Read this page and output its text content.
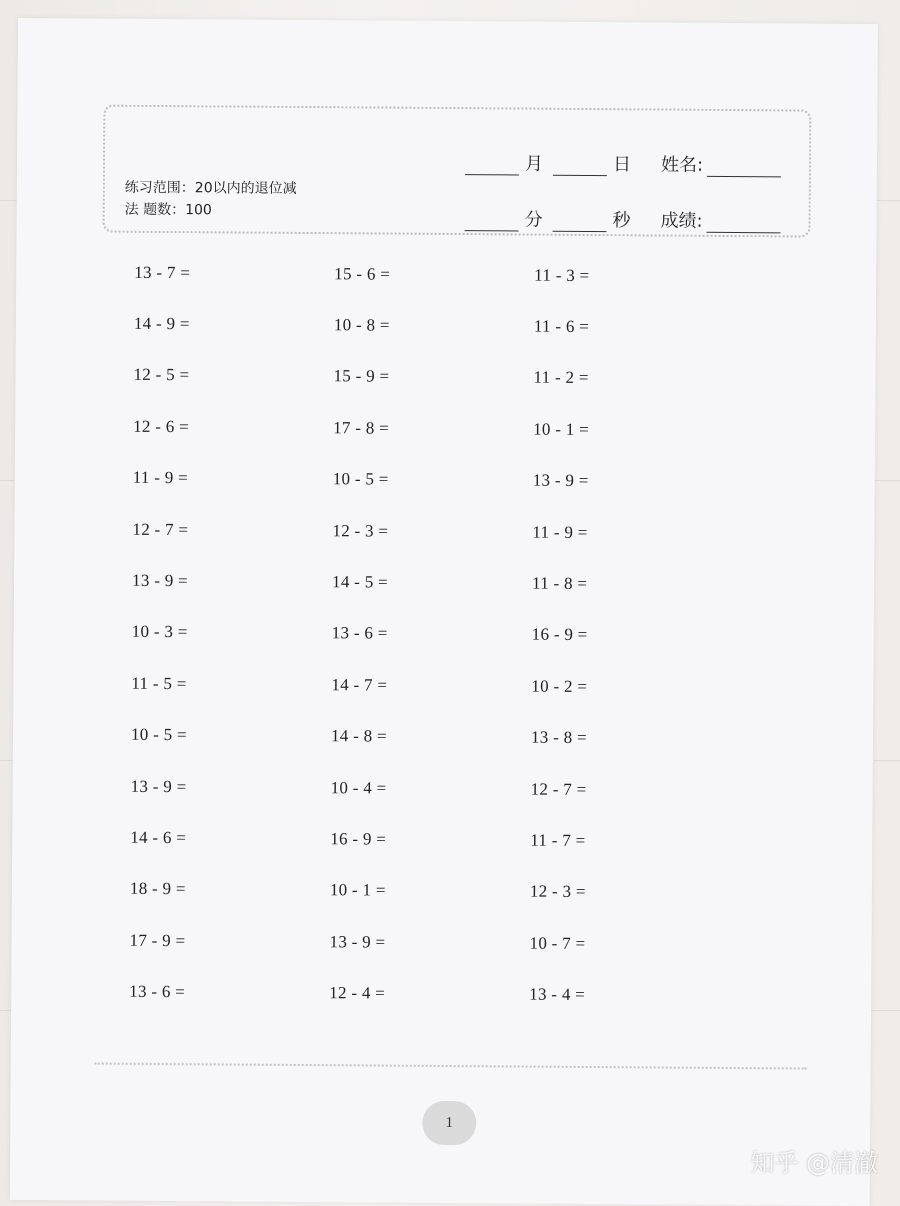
练习范围：20以内的退位减
法 题数：100
月	日 姓名:
分	秒 成绩:
13 - 7 =	15 - 6 =	11 - 3 =
14 - 9 =	10 - 8 =	11 - 6 =
12 - 5 =	15 - 9 =	11 - 2 =
12 - 6 =	17 - 8 =	10 - 1 =
11 - 9 =	10 - 5 =	13 - 9 =
12 - 7 =	12 - 3 =	11 - 9 =
13 - 9 =	14 - 5 =	11 - 8 =
10 - 3 =	13 - 6 =	16 - 9 =
11 - 5 =	14 - 7 =	10 - 2 =
10 - 5 =	14 - 8 =	13 - 8 =
13 - 9 =	10 - 4 =	12 - 7 =
14 - 6 =	16 - 9 =	11 - 7 =
18 - 9 =	10 - 1 =	12 - 3 =
17 - 9 =	13 - 9 =	10 - 7 =
13 - 6 =	12 - 4 =	13 - 4 =
1
知乎 @清澈
